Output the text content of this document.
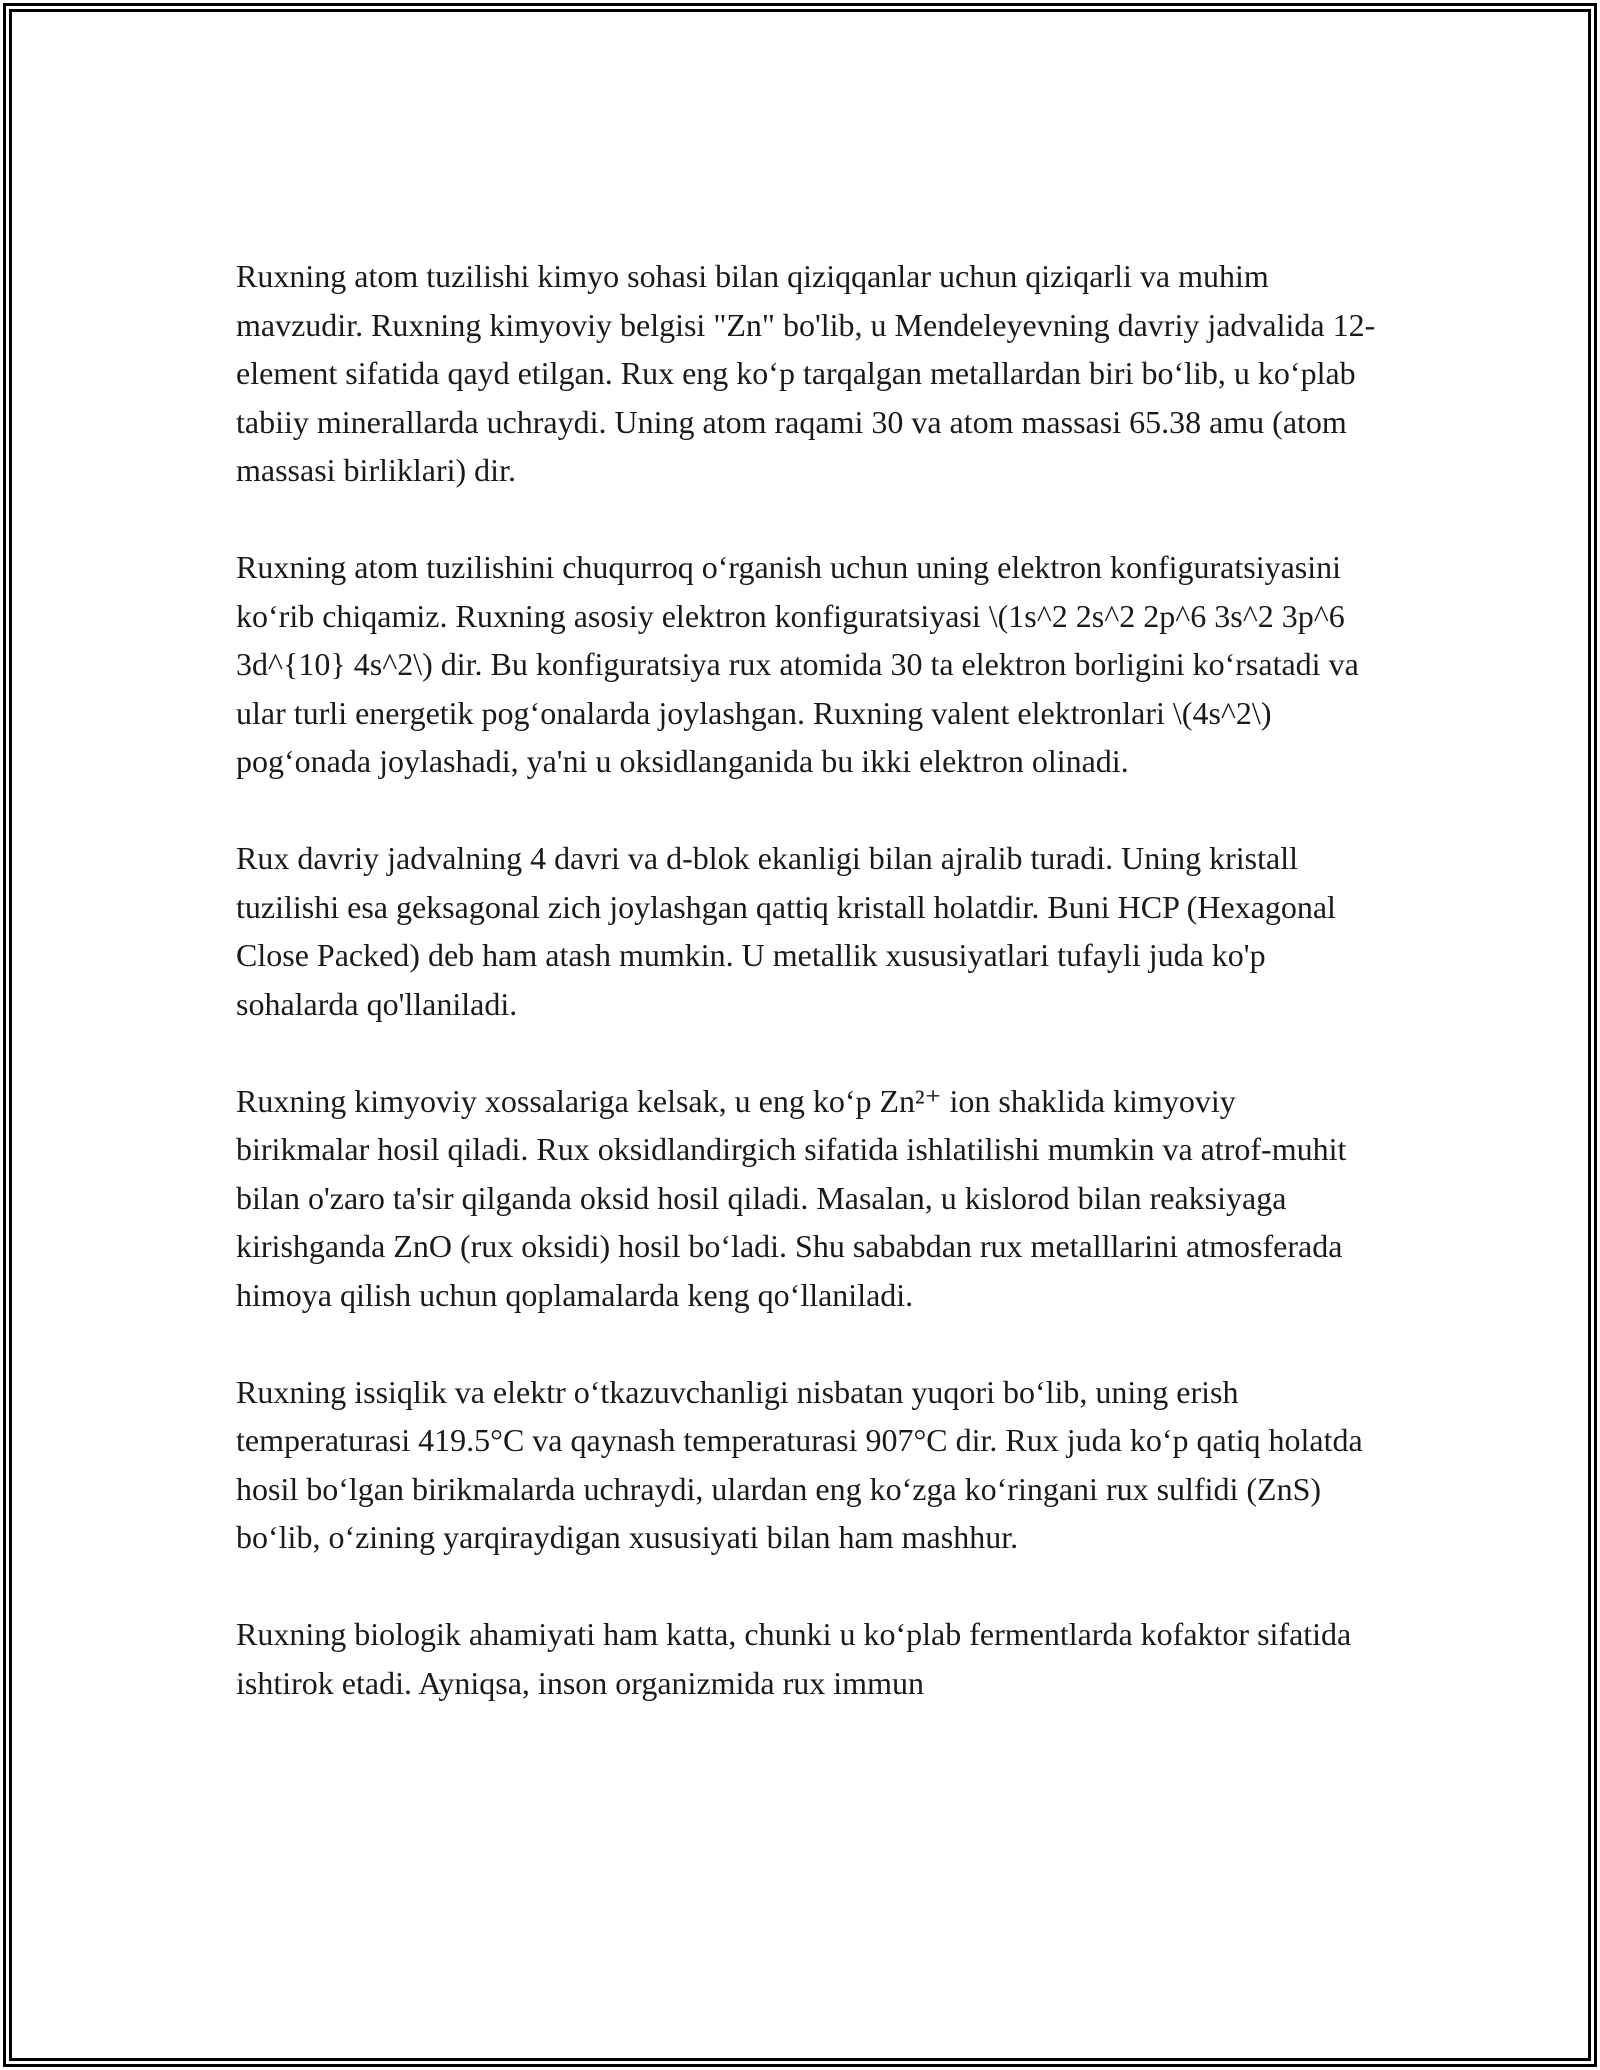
Ruxning atom tuzilishi kimyo sohasi bilan qiziqqanlar uchun qiziqarli va muhim mavzudir. Ruxning kimyoviy belgisi "Zn" bo'lib, u Mendeleyevning davriy jadvalida 12-element sifatida qayd etilgan. Rux eng ko‘p tarqalgan metallardan biri bo‘lib, u ko‘plab tabiiy minerallarda uchraydi. Uning atom raqami 30 va atom massasi 65.38 amu (atom massasi birliklari) dir.

Ruxning atom tuzilishini chuqurroq o‘rganish uchun uning elektron konfiguratsiyasini ko‘rib chiqamiz. Ruxning asosiy elektron konfiguratsiyasi \(1s^2 2s^2 2p^6 3s^2 3p^6 3d^{10} 4s^2\) dir. Bu konfiguratsiya rux atomida 30 ta elektron borligini ko‘rsatadi va ular turli energetik pog‘onalarda joylashgan. Ruxning valent elektronlari \(4s^2\) pog‘onada joylashadi, ya'ni u oksidlanganida bu ikki elektron olinadi.

Rux davriy jadvalning 4 davri va d-blok ekanligi bilan ajralib turadi. Uning kristall tuzilishi esa geksagonal zich joylashgan qattiq kristall holatdir. Buni HCP (Hexagonal Close Packed) deb ham atash mumkin. U metallik xususiyatlari tufayli juda ko'p sohalarda qo'llaniladi.

Ruxning kimyoviy xossalariga kelsak, u eng ko‘p Zn²⁺ ion shaklida kimyoviy birikmalar hosil qiladi. Rux oksidlandirgich sifatida ishlatilishi mumkin va atrof-muhit bilan o'zaro ta'sir qilganda oksid hosil qiladi. Masalan, u kislorod bilan reaksiyaga kirishganda ZnO (rux oksidi) hosil bo‘ladi. Shu sababdan rux metalllarini atmosferada himoya qilish uchun qoplamalarda keng qo‘llaniladi.

Ruxning issiqlik va elektr o‘tkazuvchanligi nisbatan yuqori bo‘lib, uning erish temperaturasi 419.5°C va qaynash temperaturasi 907°C dir. Rux juda ko‘p qatiq holatda hosil bo‘lgan birikmalarda uchraydi, ulardan eng ko‘zga ko‘ringani rux sulfidi (ZnS) bo‘lib, o‘zining yarqiraydigan xususiyati bilan ham mashhur.

Ruxning biologik ahamiyati ham katta, chunki u ko‘plab fermentlarda kofaktor sifatida ishtirok etadi. Ayniqsa, inson organizmida rux immun
